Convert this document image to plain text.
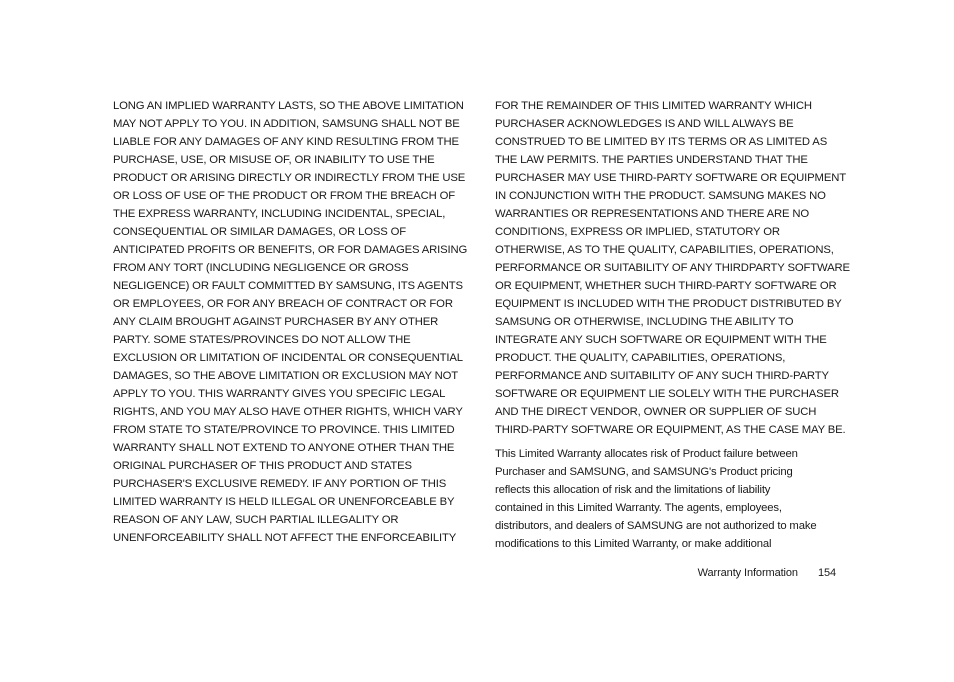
LONG AN IMPLIED WARRANTY LASTS, SO THE ABOVE LIMITATION
MAY NOT APPLY TO YOU. IN ADDITION, SAMSUNG SHALL NOT BE
LIABLE FOR ANY DAMAGES OF ANY KIND RESULTING FROM THE
PURCHASE, USE, OR MISUSE OF, OR INABILITY TO USE THE
PRODUCT OR ARISING DIRECTLY OR INDIRECTLY FROM THE USE
OR LOSS OF USE OF THE PRODUCT OR FROM THE BREACH OF
THE EXPRESS WARRANTY, INCLUDING INCIDENTAL, SPECIAL,
CONSEQUENTIAL OR SIMILAR DAMAGES, OR LOSS OF
ANTICIPATED PROFITS OR BENEFITS, OR FOR DAMAGES ARISING
FROM ANY TORT (INCLUDING NEGLIGENCE OR GROSS
NEGLIGENCE) OR FAULT COMMITTED BY SAMSUNG, ITS AGENTS
OR EMPLOYEES, OR FOR ANY BREACH OF CONTRACT OR FOR
ANY CLAIM BROUGHT AGAINST PURCHASER BY ANY OTHER
PARTY. SOME STATES/PROVINCES DO NOT ALLOW THE
EXCLUSION OR LIMITATION OF INCIDENTAL OR CONSEQUENTIAL
DAMAGES, SO THE ABOVE LIMITATION OR EXCLUSION MAY NOT
APPLY TO YOU. THIS WARRANTY GIVES YOU SPECIFIC LEGAL
RIGHTS, AND YOU MAY ALSO HAVE OTHER RIGHTS, WHICH VARY
FROM STATE TO STATE/PROVINCE TO PROVINCE. THIS LIMITED
WARRANTY SHALL NOT EXTEND TO ANYONE OTHER THAN THE
ORIGINAL PURCHASER OF THIS PRODUCT AND STATES
PURCHASER'S EXCLUSIVE REMEDY. IF ANY PORTION OF THIS
LIMITED WARRANTY IS HELD ILLEGAL OR UNENFORCEABLE BY
REASON OF ANY LAW, SUCH PARTIAL ILLEGALITY OR
UNENFORCEABILITY SHALL NOT AFFECT THE ENFORCEABILITY
FOR THE REMAINDER OF THIS LIMITED WARRANTY WHICH
PURCHASER ACKNOWLEDGES IS AND WILL ALWAYS BE
CONSTRUED TO BE LIMITED BY ITS TERMS OR AS LIMITED AS
THE LAW PERMITS. THE PARTIES UNDERSTAND THAT THE
PURCHASER MAY USE THIRD-PARTY SOFTWARE OR EQUIPMENT
IN CONJUNCTION WITH THE PRODUCT. SAMSUNG MAKES NO
WARRANTIES OR REPRESENTATIONS AND THERE ARE NO
CONDITIONS, EXPRESS OR IMPLIED, STATUTORY OR
OTHERWISE, AS TO THE QUALITY, CAPABILITIES, OPERATIONS,
PERFORMANCE OR SUITABILITY OF ANY THIRDPARTY SOFTWARE
OR EQUIPMENT, WHETHER SUCH THIRD-PARTY SOFTWARE OR
EQUIPMENT IS INCLUDED WITH THE PRODUCT DISTRIBUTED BY
SAMSUNG OR OTHERWISE, INCLUDING THE ABILITY TO
INTEGRATE ANY SUCH SOFTWARE OR EQUIPMENT WITH THE
PRODUCT. THE QUALITY, CAPABILITIES, OPERATIONS,
PERFORMANCE AND SUITABILITY OF ANY SUCH THIRD-PARTY
SOFTWARE OR EQUIPMENT LIE SOLELY WITH THE PURCHASER
AND THE DIRECT VENDOR, OWNER OR SUPPLIER OF SUCH
THIRD-PARTY SOFTWARE OR EQUIPMENT, AS THE CASE MAY BE.
This Limited Warranty allocates risk of Product failure between
Purchaser and SAMSUNG, and SAMSUNG's Product pricing
reflects this allocation of risk and the limitations of liability
contained in this Limited Warranty. The agents, employees,
distributors, and dealers of SAMSUNG are not authorized to make
modifications to this Limited Warranty, or make additional
Warranty Information 154
